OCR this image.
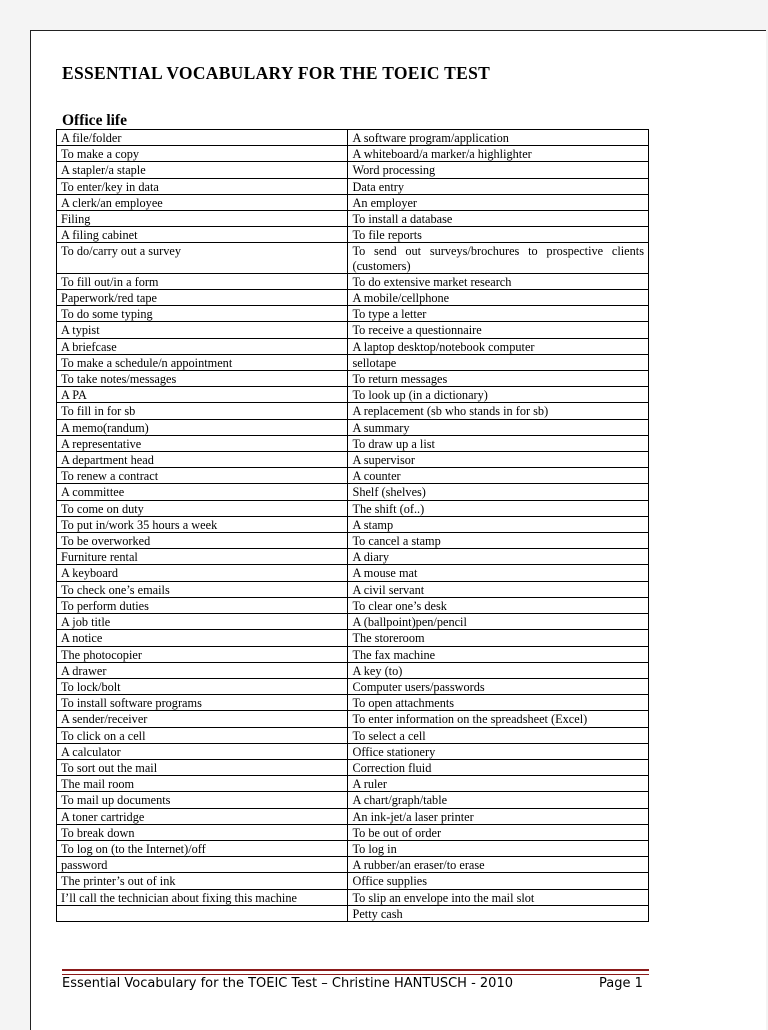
ESSENTIAL VOCABULARY FOR THE TOEIC TEST
Office life
A file/folder	A software program/application
To make a copy	A whiteboard/a marker/a highlighter
A stapler/a staple	Word processing
To enter/key in data	Data entry
A clerk/an employee	An employer
Filing	To install a database
A filing cabinet	To file reports
To do/carry out a survey	To send out surveys/brochures to prospective clients (customers)
To fill out/in a form	To do extensive market research
Paperwork/red tape	A mobile/cellphone
To do some typing	To type a letter
A typist	To receive a questionnaire
A briefcase	A laptop desktop/notebook computer
To make a schedule/n appointment	sellotape
To take notes/messages	To return messages
A PA	To look up (in a dictionary)
To fill in for sb	A replacement (sb who stands in for sb)
A memo(randum)	A summary
A representative	To draw up a list
A department head	A supervisor
To renew a contract	A counter
A committee	Shelf (shelves)
To come on duty	The shift (of..)
To put in/work 35 hours a week	A stamp
To be overworked	To cancel a stamp
Furniture rental	A diary
A keyboard	A mouse mat
To check one’s emails	A civil servant
To perform duties	To clear one’s desk
A job title	A (ballpoint)pen/pencil
A notice	The storeroom
The photocopier	The fax machine
A drawer	A key (to)
To lock/bolt	Computer users/passwords
To install software programs	To open attachments
A sender/receiver	To enter information on the spreadsheet (Excel)
To click on a cell	To select a cell
A calculator	Office stationery
To sort out the mail	Correction fluid
The mail room	A ruler
To mail up documents	A chart/graph/table
A toner cartridge	An ink-jet/a laser printer
To break down	To be out of order
To log on (to the Internet)/off	To log in
password	A rubber/an eraser/to erase
The printer’s out of ink	Office supplies
I’ll call the technician about fixing this machine	To slip an envelope into the mail slot
	Petty cash
Essential Vocabulary for the TOEIC Test – Christine HANTUSCH - 2010	Page 1
